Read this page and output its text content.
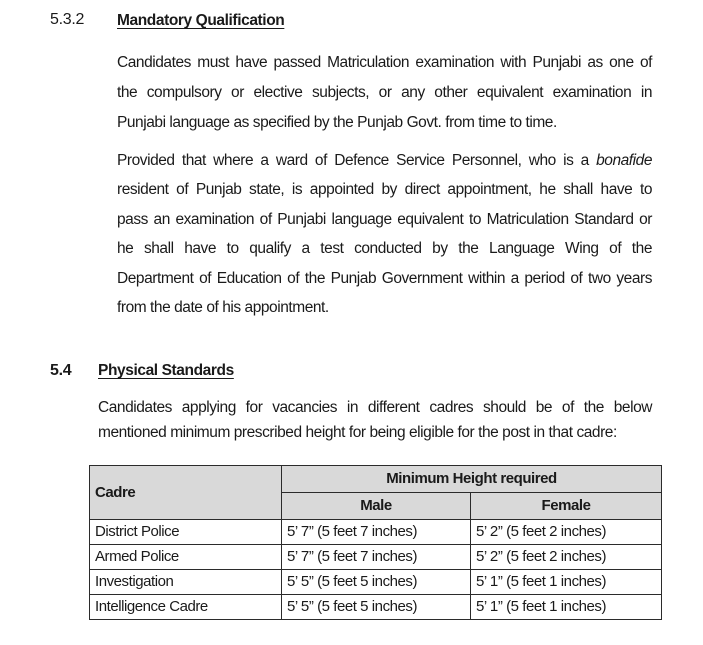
5.3.2 Mandatory Qualification
Candidates must have passed Matriculation examination with Punjabi as one of
the compulsory or elective subjects, or any other equivalent examination in
Punjabi language as specified by the Punjab Govt. from time to time.
Provided that where a ward of Defence Service Personnel, who is a bonafide
resident of Punjab state, is appointed by direct appointment, he shall have to
pass an examination of Punjabi language equivalent to Matriculation Standard or
he shall have to qualify a test conducted by the Language Wing of the
Department of Education of the Punjab Government within a period of two years
from the date of his appointment.
5.4 Physical Standards
Candidates applying for vacancies in different cadres should be of the below
mentioned minimum prescribed height for being eligible for the post in that cadre:
Cadre	Minimum Height required	
	Male	Female
District Police	5’ 7” (5 feet 7 inches)	5’ 2” (5 feet 2 inches)
Armed Police	5’ 7” (5 feet 7 inches)	5’ 2” (5 feet 2 inches)
Investigation	5’ 5” (5 feet 5 inches)	5’ 1” (5 feet 1 inches)
Intelligence Cadre	5’ 5” (5 feet 5 inches)	5’ 1” (5 feet 1 inches)
